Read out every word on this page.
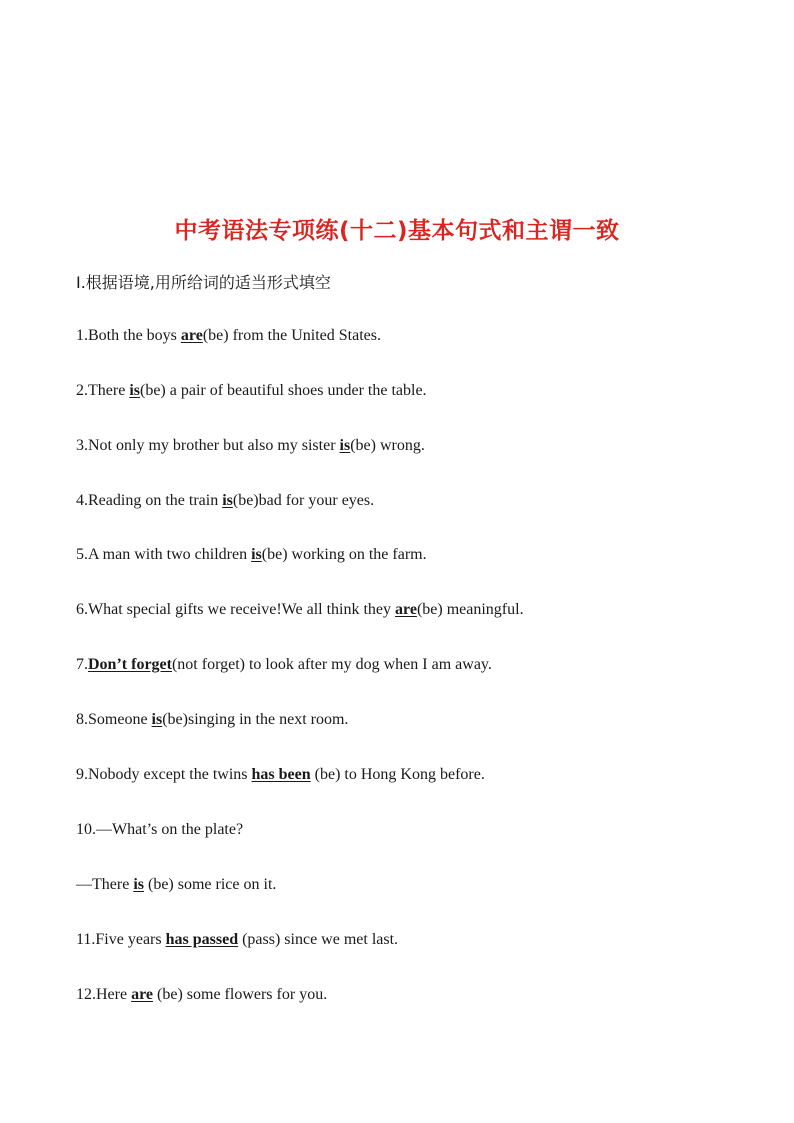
中考语法专项练(十二)基本句式和主谓一致

Ⅰ.根据语境,用所给词的适当形式填空

1.Both the boys are(be) from the United States.

2.There is(be) a pair of beautiful shoes under the table.

3.Not only my brother but also my sister is(be) wrong.

4.Reading on the train is(be)bad for your eyes.

5.A man with two children is(be) working on the farm.

6.What special gifts we receive!We all think they are(be) meaningful.

7.Don’t forget(not forget) to look after my dog when I am away.

8.Someone is(be)singing in the next room.

9.Nobody except the twins has been (be) to Hong Kong before.

10.—What’s on the plate?

—There is (be) some rice on it.

11.Five years has passed (pass) since we met last.

12.Here are (be) some flowers for you.
